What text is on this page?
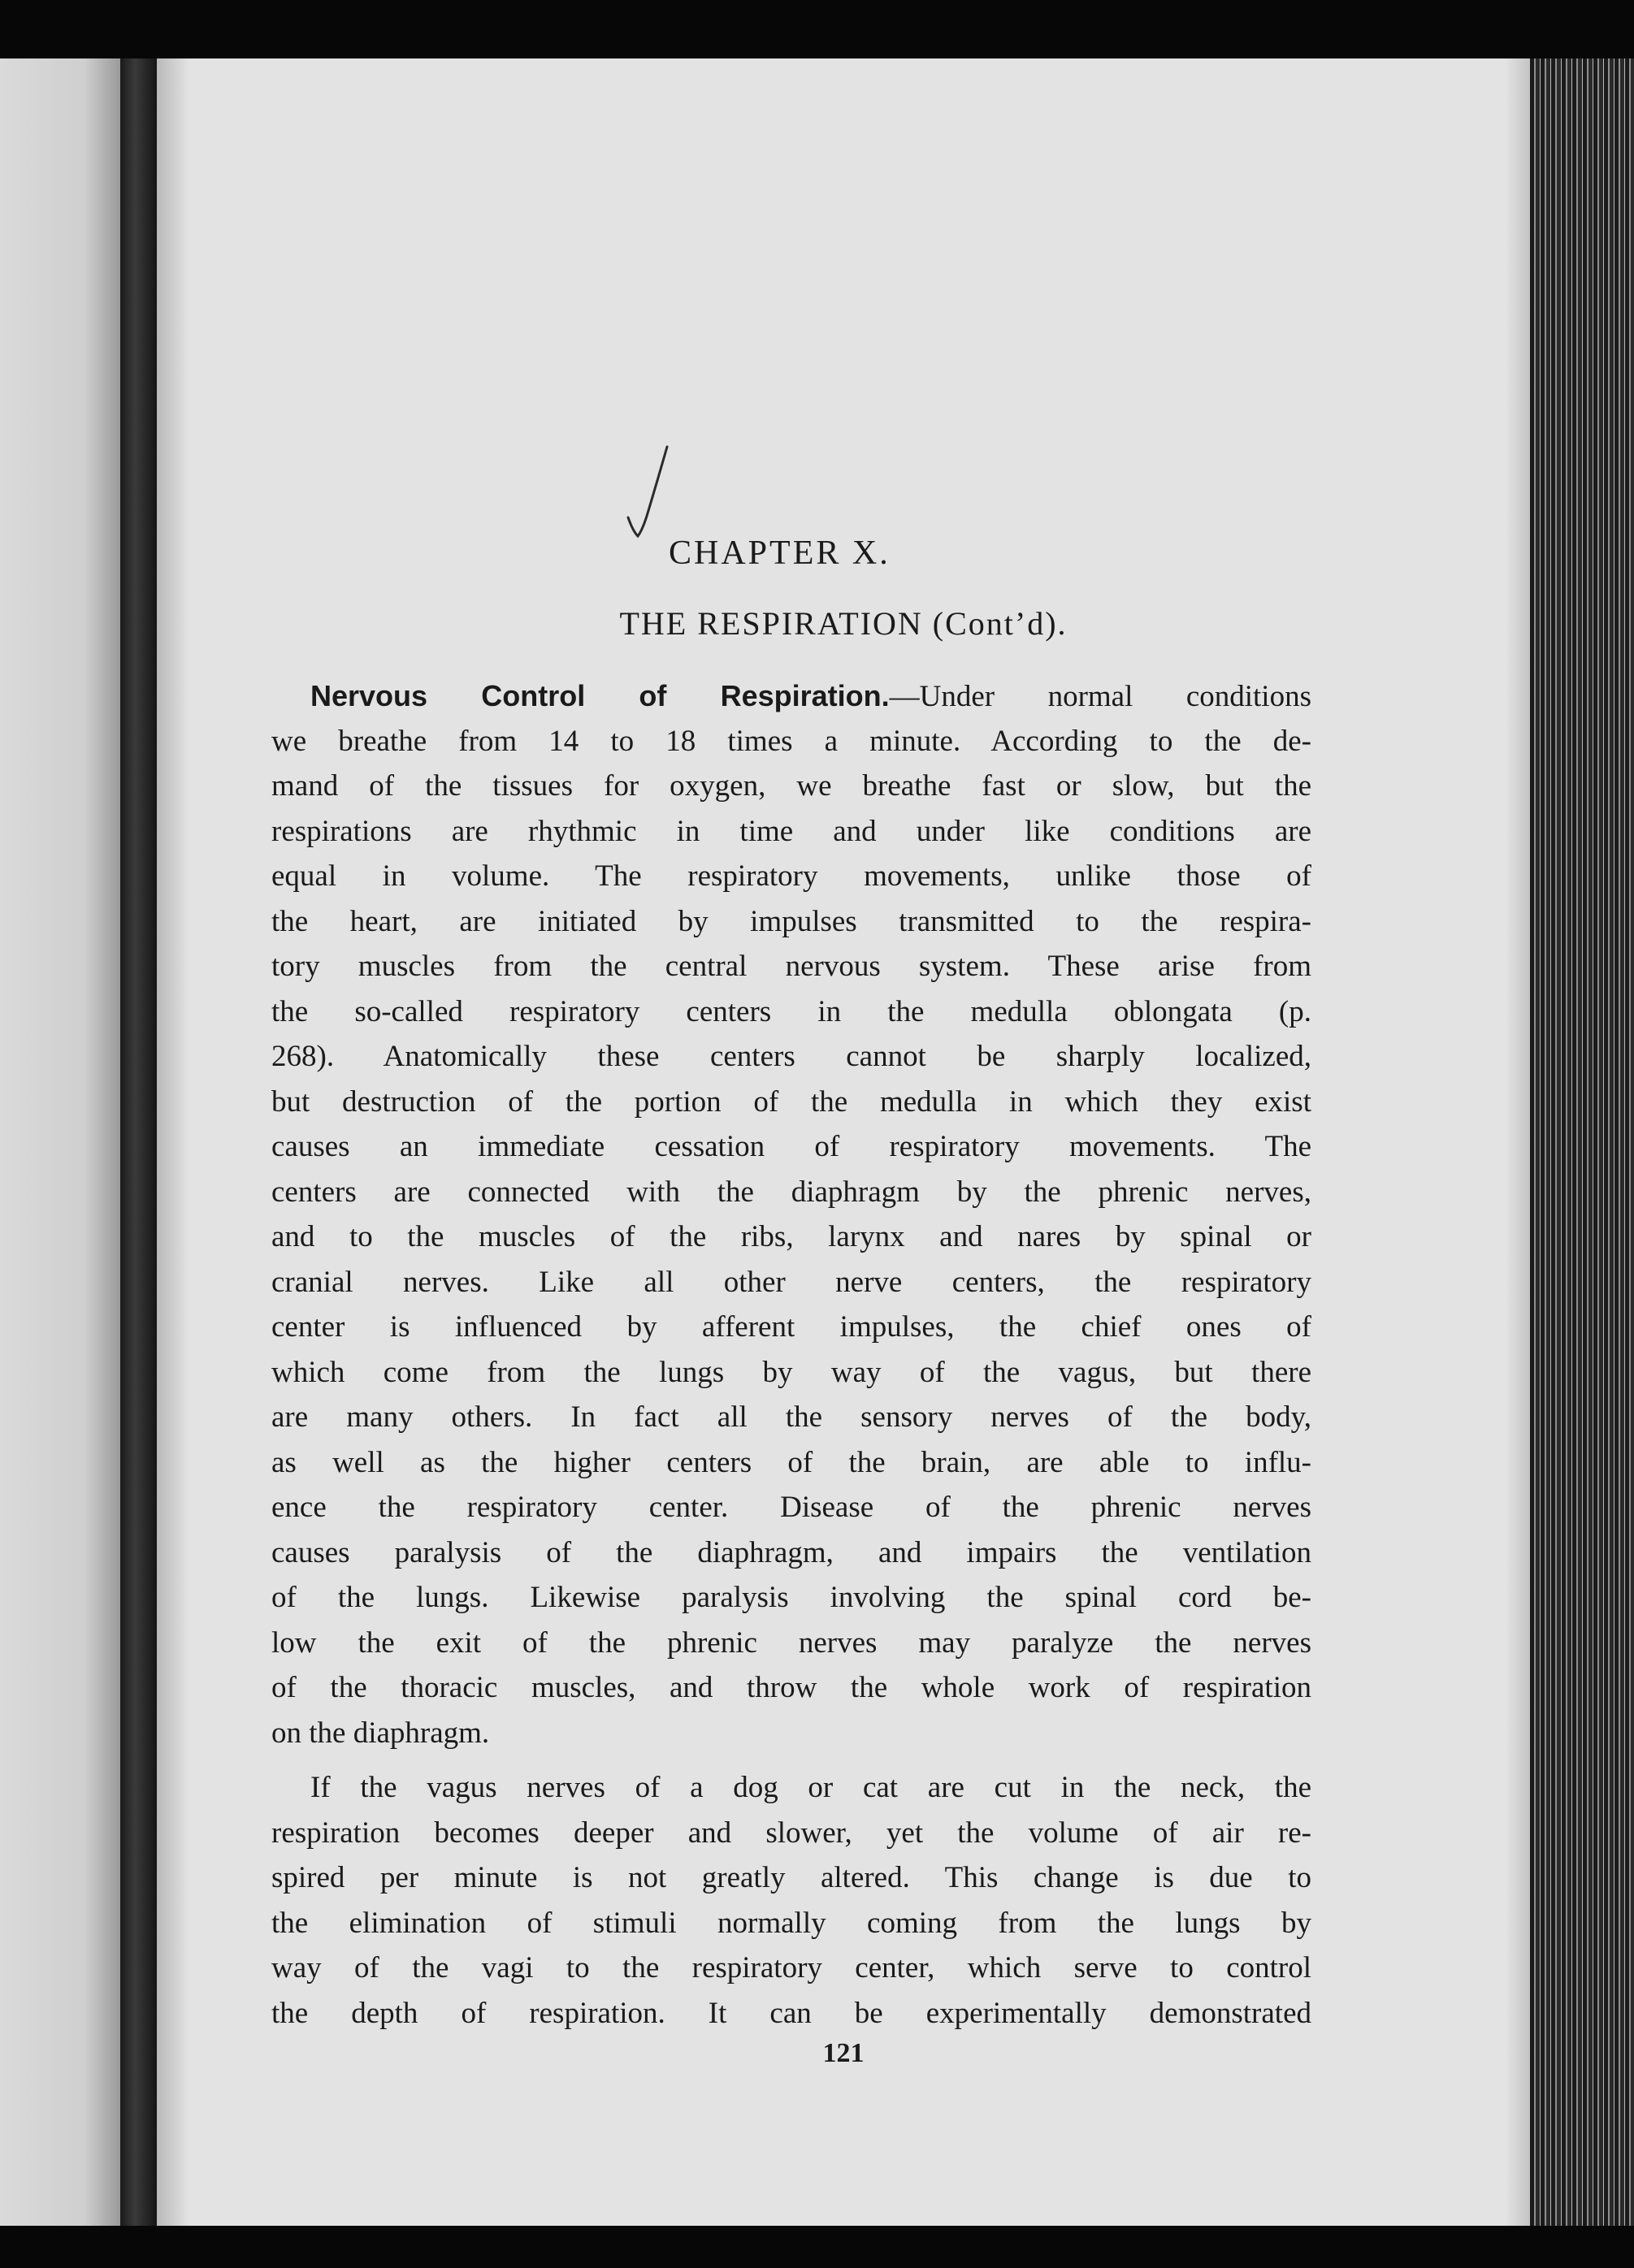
CHAPTER X.
THE RESPIRATION (Cont’d).
Nervous Control of Respiration.—Under normal conditions
we breathe from 14 to 18 times a minute. According to the de-
mand of the tissues for oxygen, we breathe fast or slow, but the
respirations are rhythmic in time and under like conditions are
equal in volume. The respiratory movements, unlike those of
the heart, are initiated by impulses transmitted to the respira-
tory muscles from the central nervous system. These arise from
the so-called respiratory centers in the medulla oblongata (p.
268). Anatomically these centers cannot be sharply localized,
but destruction of the portion of the medulla in which they exist
causes an immediate cessation of respiratory movements. The
centers are connected with the diaphragm by the phrenic nerves,
and to the muscles of the ribs, larynx and nares by spinal or
cranial nerves. Like all other nerve centers, the respiratory
center is influenced by afferent impulses, the chief ones of
which come from the lungs by way of the vagus, but there
are many others. In fact all the sensory nerves of the body,
as well as the higher centers of the brain, are able to influ-
ence the respiratory center. Disease of the phrenic nerves
causes paralysis of the diaphragm, and impairs the ventilation
of the lungs. Likewise paralysis involving the spinal cord be-
low the exit of the phrenic nerves may paralyze the nerves
of the thoracic muscles, and throw the whole work of respiration
on the diaphragm.
If the vagus nerves of a dog or cat are cut in the neck, the
respiration becomes deeper and slower, yet the volume of air re-
spired per minute is not greatly altered. This change is due to
the elimination of stimuli normally coming from the lungs by
way of the vagi to the respiratory center, which serve to control
the depth of respiration. It can be experimentally demonstrated
121
